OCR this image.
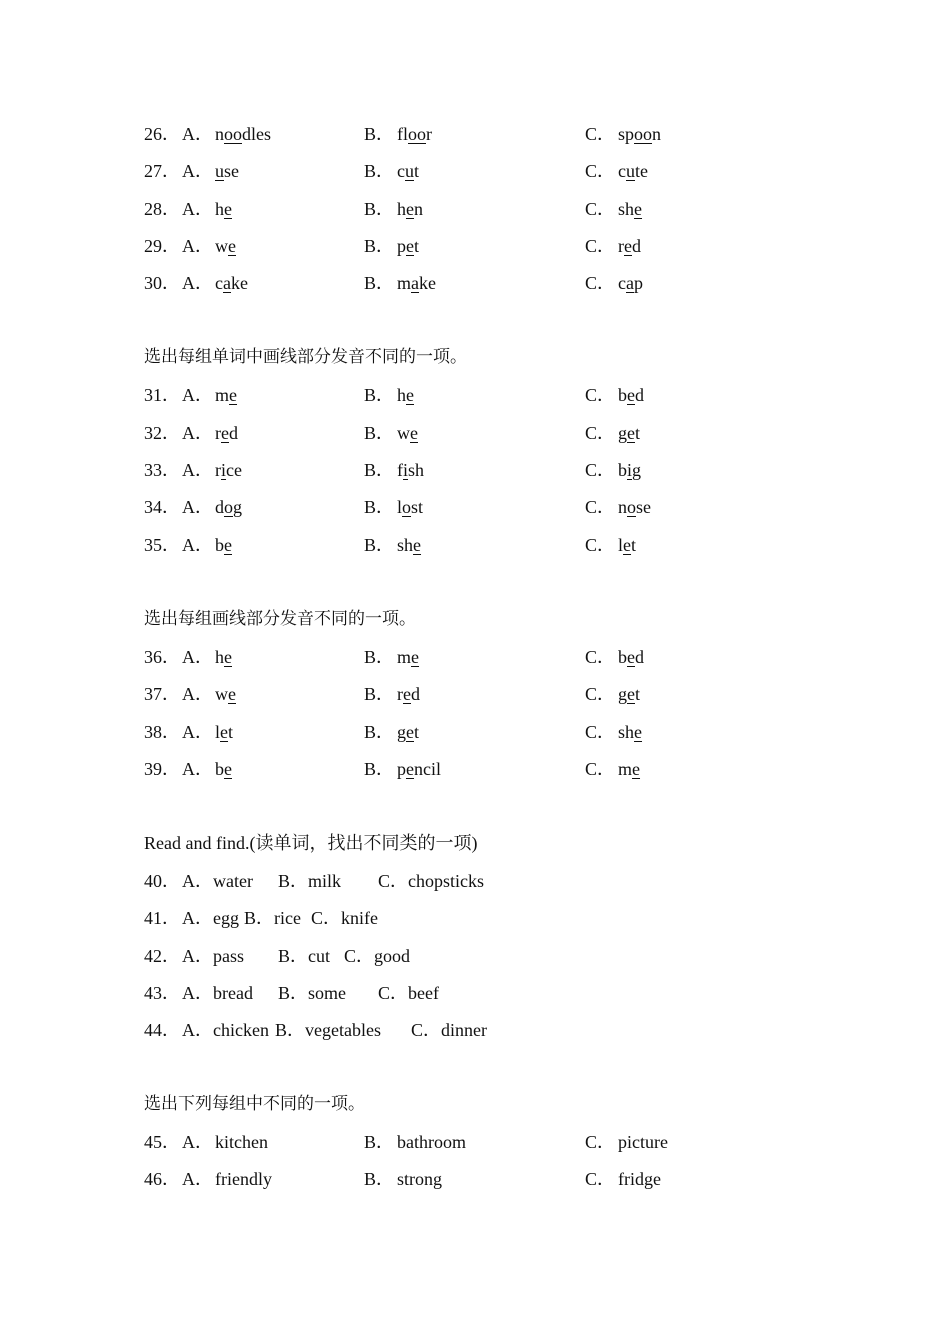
26． A． noodles	B． floor	C． spoon
27． A． use	B． cut	C． cute
28． A． he	B． hen	C． she
29． A． we	B． pet	C． red
30． A． cake	B． make	C． cap
选出每组单词中画线部分发音不同的一项。
31． A． me	B． he	C． bed
32． A． red	B． we	C． get
33． A． rice	B． fish	C． big
34． A． dog	B． lost	C． nose
35． A． be	B． she	C． let
选出每组画线部分发音不同的一项。
36． A． he	B． me	C． bed
37． A． we	B． red	C． get
38． A． let	B． get	C． she
39． A． be	B． pencil	C． me
Read and find.(读单词，找出不同类的一项)
40． A．water B．milk C．chopsticks
41． A．egg B．rice C．knife
42． A．pass B．cut C．good
43． A．bread B．some C．beef
44． A．chicken B．vegetables C．dinner
选出下列每组中不同的一项。
45． A． kitchen	B． bathroom	C． picture
46． A． friendly	B． strong	C． fridge
